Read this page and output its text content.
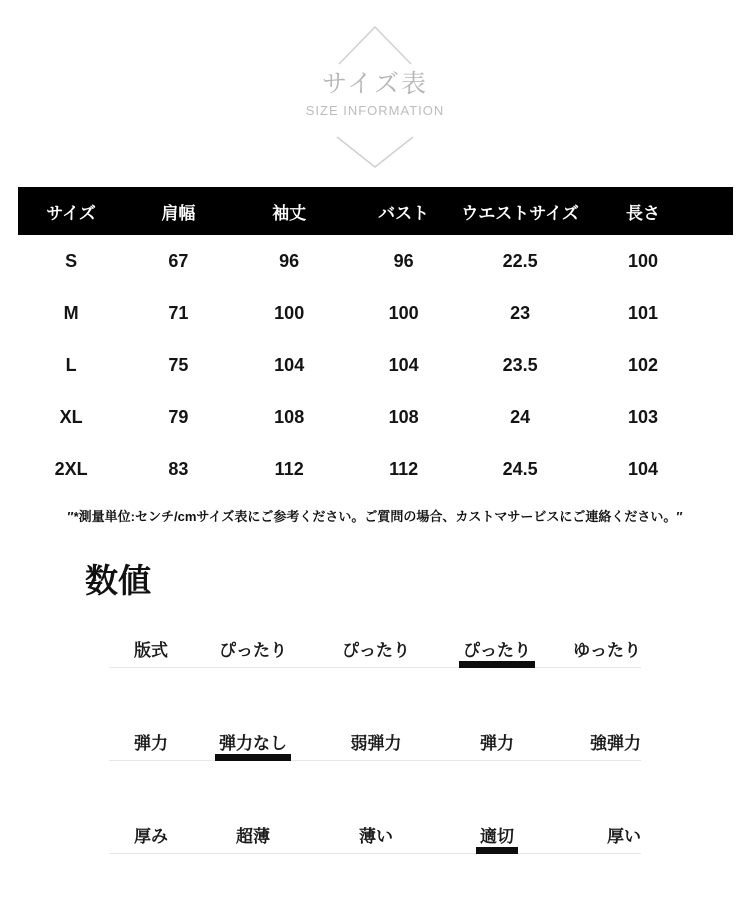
サイズ表
SIZE INFORMATION
サイズ	肩幅	袖丈	バスト	ウエストサイズ	長さ
S	67	96	96	22.5	100
M	71	100	100	23	101
L	75	104	104	23.5	102
XL	79	108	108	24	103
2XL	83	112	112	24.5	104

″*測量単位:センチ/cmサイズ表にご参考ください。ご質問の場合、カストマサービスにご連絡ください。″

数値
版式	ぴったり	ぴったり	ぴったり	ゆったり
弾力	弾力なし	弱弾力	弾力	強弾力
厚み	超薄	薄い	適切	厚い
